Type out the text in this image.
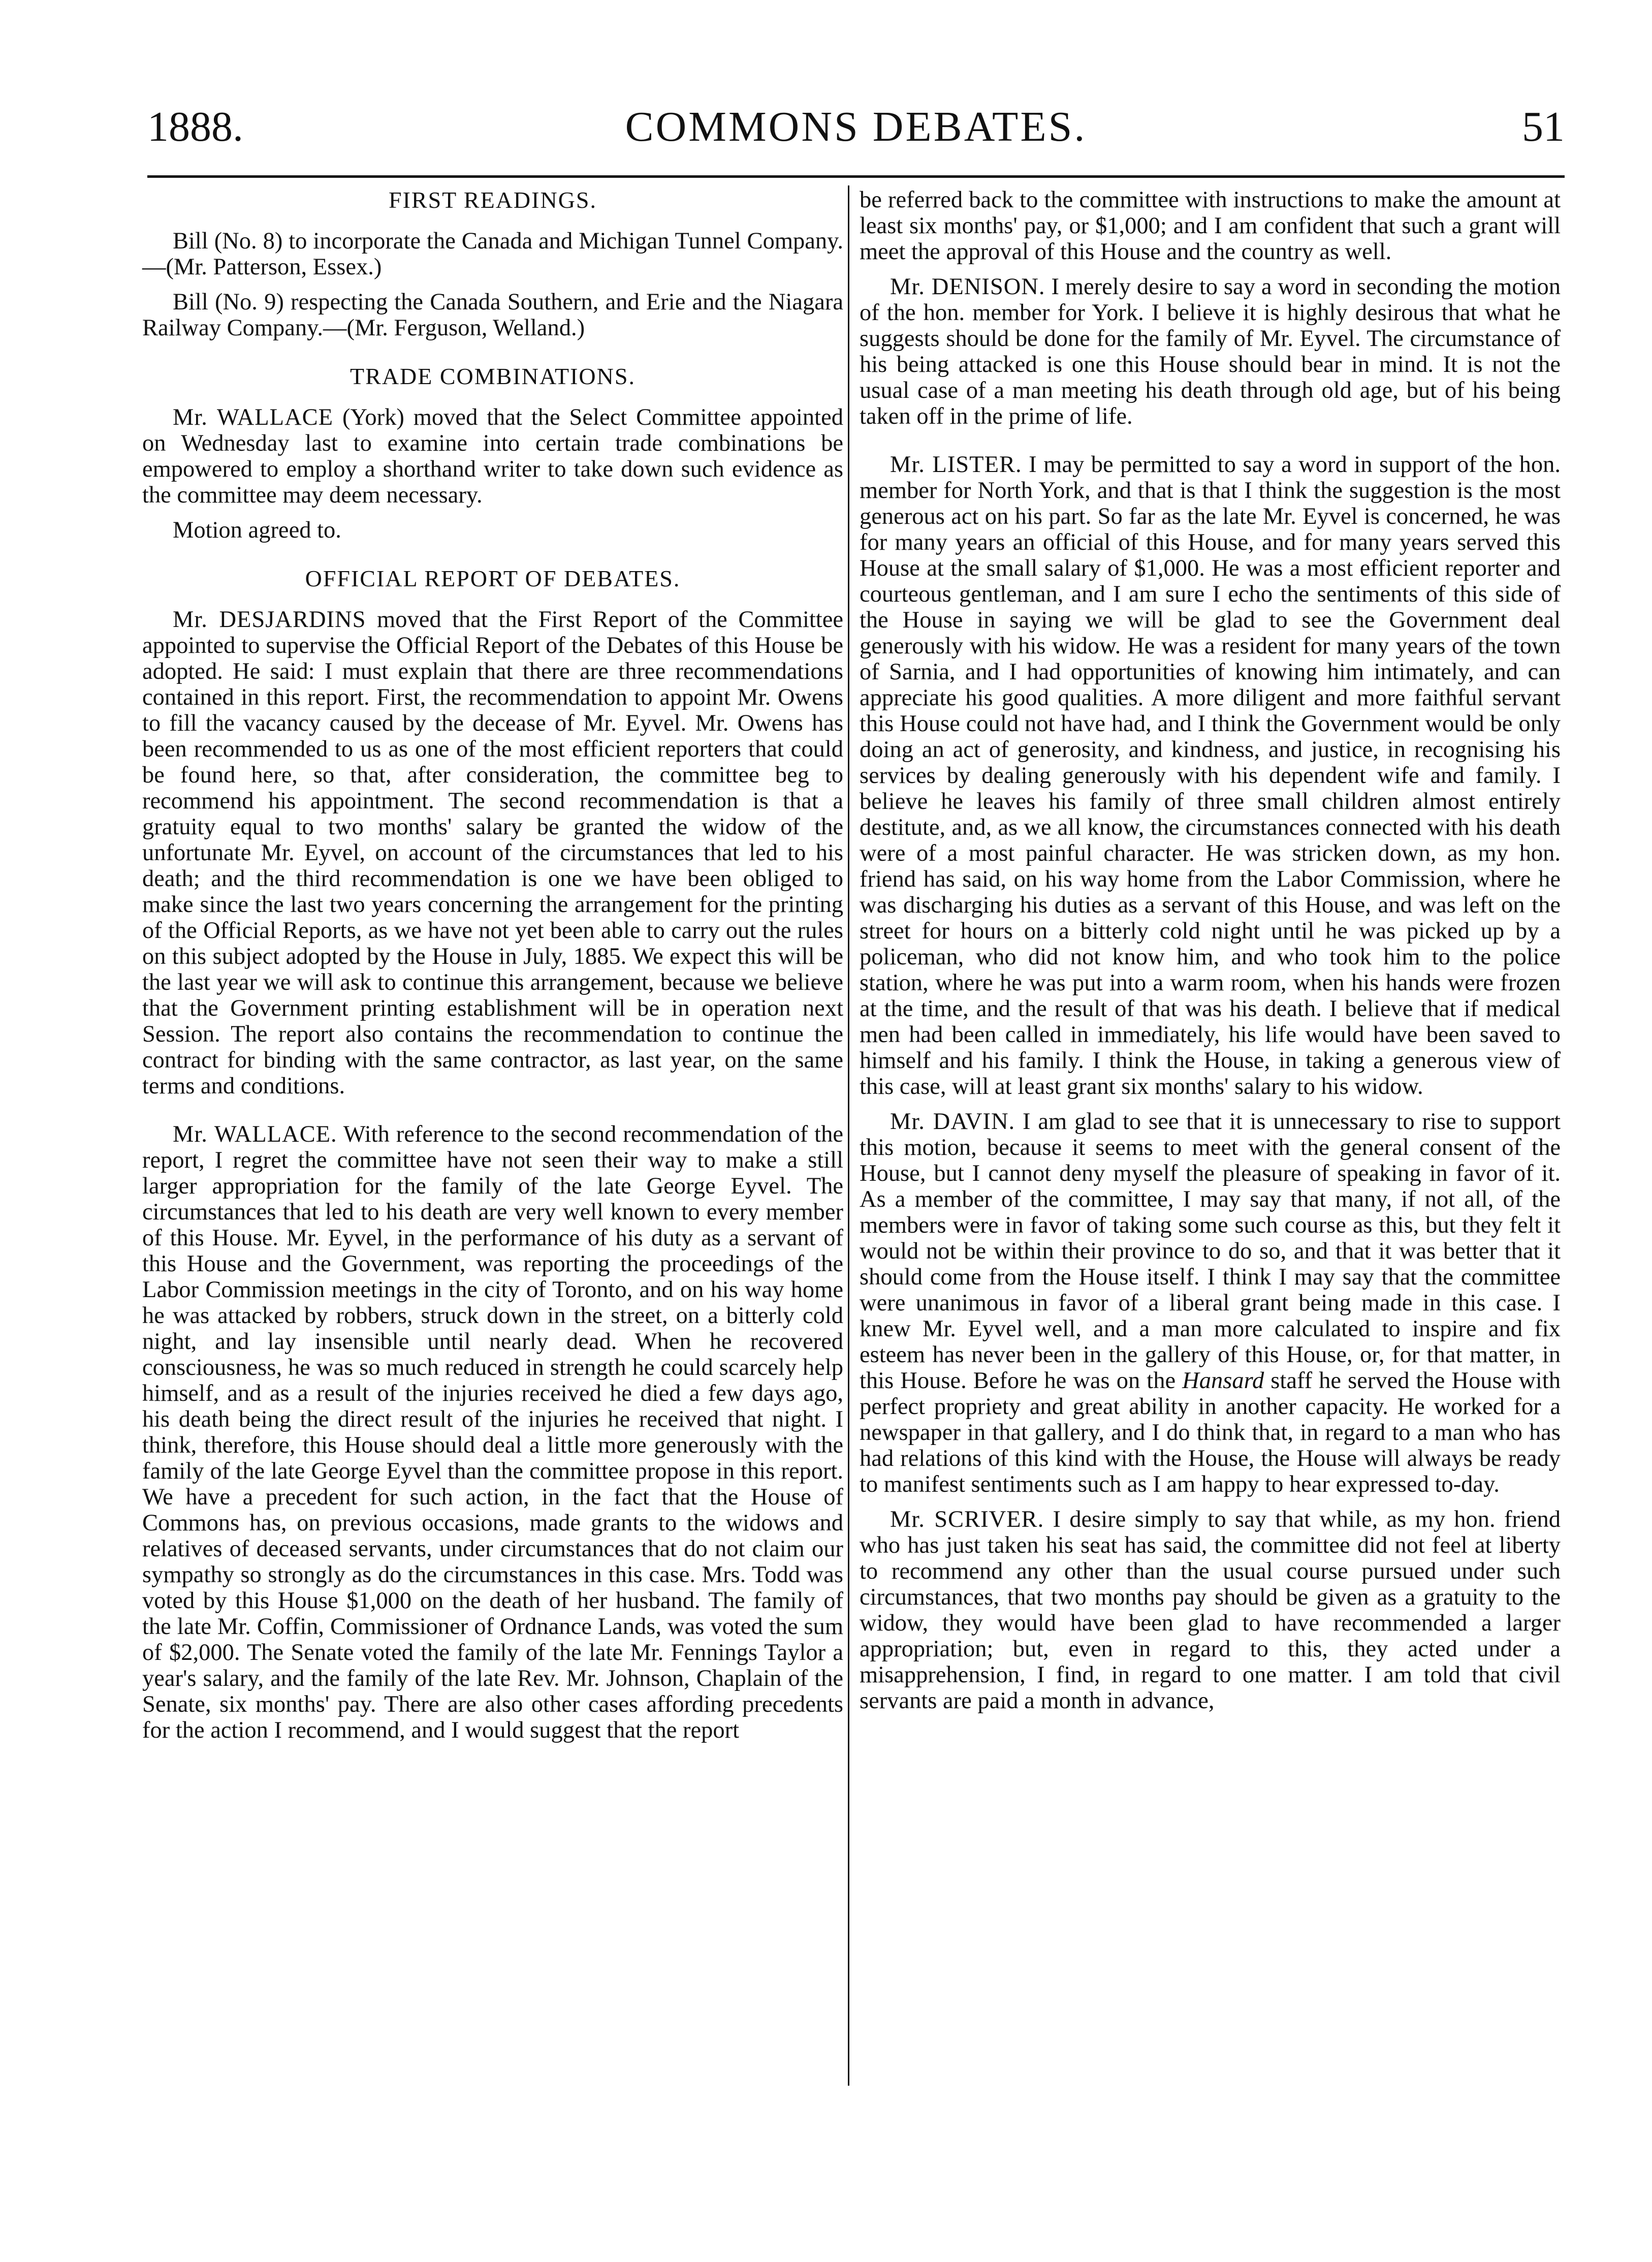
1888.	COMMONS DEBATES.	51
FIRST READINGS.

Bill (No. 8) to incorporate the Canada and Michigan Tunnel Company.—(Mr. Patterson, Essex.)

Bill (No. 9) respecting the Canada Southern, and Erie and the Niagara Railway Company.—(Mr. Ferguson, Welland.)

TRADE COMBINATIONS.

Mr. WALLACE (York) moved that the Select Committee appointed on Wednesday last to examine into certain trade combinations be empowered to employ a shorthand writer to take down such evidence as the committee may deem necessary.

Motion agreed to.

OFFICIAL REPORT OF DEBATES.

Mr. DESJARDINS moved that the First Report of the Committee appointed to supervise the Official Report of the Debates of this House be adopted. He said: I must explain that there are three recommendations contained in this report. First, the recommendation to appoint Mr. Owens to fill the vacancy caused by the decease of Mr. Eyvel. Mr. Owens has been recommended to us as one of the most efficient reporters that could be found here, so that, after consideration, the committee beg to recommend his appointment. The second recommendation is that a gratuity equal to two months' salary be granted the widow of the unfortunate Mr. Eyvel, on account of the circumstances that led to his death; and the third recommendation is one we have been obliged to make since the last two years concerning the arrangement for the printing of the Official Reports, as we have not yet been able to carry out the rules on this subject adopted by the House in July, 1885. We expect this will be the last year we will ask to continue this arrangement, because we believe that the Government printing establishment will be in operation next Session. The report also contains the recommendation to continue the contract for binding with the same contractor, as last year, on the same terms and conditions.

Mr. WALLACE. With reference to the second recommendation of the report, I regret the committee have not seen their way to make a still larger appropriation for the family of the late George Eyvel. The circumstances that led to his death are very well known to every member of this House. Mr. Eyvel, in the performance of his duty as a servant of this House and the Government, was reporting the proceedings of the Labor Commission meetings in the city of Toronto, and on his way home he was attacked by robbers, struck down in the street, on a bitterly cold night, and lay insensible until nearly dead. When he recovered consciousness, he was so much reduced in strength he could scarcely help himself, and as a result of the injuries received he died a few days ago, his death being the direct result of the injuries he received that night. I think, therefore, this House should deal a little more generously with the family of the late George Eyvel than the committee propose in this report. We have a precedent for such action, in the fact that the House of Commons has, on previous occasions, made grants to the widows and relatives of deceased servants, under circumstances that do not claim our sympathy so strongly as do the circumstances in this case. Mrs. Todd was voted by this House $1,000 on the death of her husband. The family of the late Mr. Coffin, Commissioner of Ordnance Lands, was voted the sum of $2,000. The Senate voted the family of the late Mr. Fennings Taylor a year's salary, and the family of the late Rev. Mr. Johnson, Chaplain of the Senate, six months' pay. There are also other cases affording precedents for the action I recommend, and I would suggest that the report

be referred back to the committee with instructions to make the amount at least six months' pay, or $1,000; and I am confident that such a grant will meet the approval of this House and the country as well.

Mr. DENISON. I merely desire to say a word in seconding the motion of the hon. member for York. I believe it is highly desirous that what he suggests should be done for the family of Mr. Eyvel. The circumstance of his being attacked is one this House should bear in mind. It is not the usual case of a man meeting his death through old age, but of his being taken off in the prime of life.

Mr. LISTER. I may be permitted to say a word in support of the hon. member for North York, and that is that I think the suggestion is the most generous act on his part. So far as the late Mr. Eyvel is concerned, he was for many years an official of this House, and for many years served this House at the small salary of $1,000. He was a most efficient reporter and courteous gentleman, and I am sure I echo the sentiments of this side of the House in saying we will be glad to see the Government deal generously with his widow. He was a resident for many years of the town of Sarnia, and I had opportunities of knowing him intimately, and can appreciate his good qualities. A more diligent and more faithful servant this House could not have had, and I think the Government would be only doing an act of generosity, and kindness, and justice, in recognising his services by dealing generously with his dependent wife and family. I believe he leaves his family of three small children almost entirely destitute, and, as we all know, the circumstances connected with his death were of a most painful character. He was stricken down, as my hon. friend has said, on his way home from the Labor Commission, where he was discharging his duties as a servant of this House, and was left on the street for hours on a bitterly cold night until he was picked up by a policeman, who did not know him, and who took him to the police station, where he was put into a warm room, when his hands were frozen at the time, and the result of that was his death. I believe that if medical men had been called in immediately, his life would have been saved to himself and his family. I think the House, in taking a generous view of this case, will at least grant six months' salary to his widow.

Mr. DAVIN. I am glad to see that it is unnecessary to rise to support this motion, because it seems to meet with the general consent of the House, but I cannot deny myself the pleasure of speaking in favor of it. As a member of the committee, I may say that many, if not all, of the members were in favor of taking some such course as this, but they felt it would not be within their province to do so, and that it was better that it should come from the House itself. I think I may say that the committee were unanimous in favor of a liberal grant being made in this case. I knew Mr. Eyvel well, and a man more calculated to inspire and fix esteem has never been in the gallery of this House, or, for that matter, in this House. Before he was on the Hansard staff he served the House with perfect propriety and great ability in another capacity. He worked for a newspaper in that gallery, and I do think that, in regard to a man who has had relations of this kind with the House, the House will always be ready to manifest sentiments such as I am happy to hear expressed to-day.

Mr. SCRIVER. I desire simply to say that while, as my hon. friend who has just taken his seat has said, the committee did not feel at liberty to recommend any other than the usual course pursued under such circumstances, that two months pay should be given as a gratuity to the widow, they would have been glad to have recommended a larger appropriation; but, even in regard to this, they acted under a misapprehension, I find, in regard to one matter. I am told that civil servants are paid a month in advance,
